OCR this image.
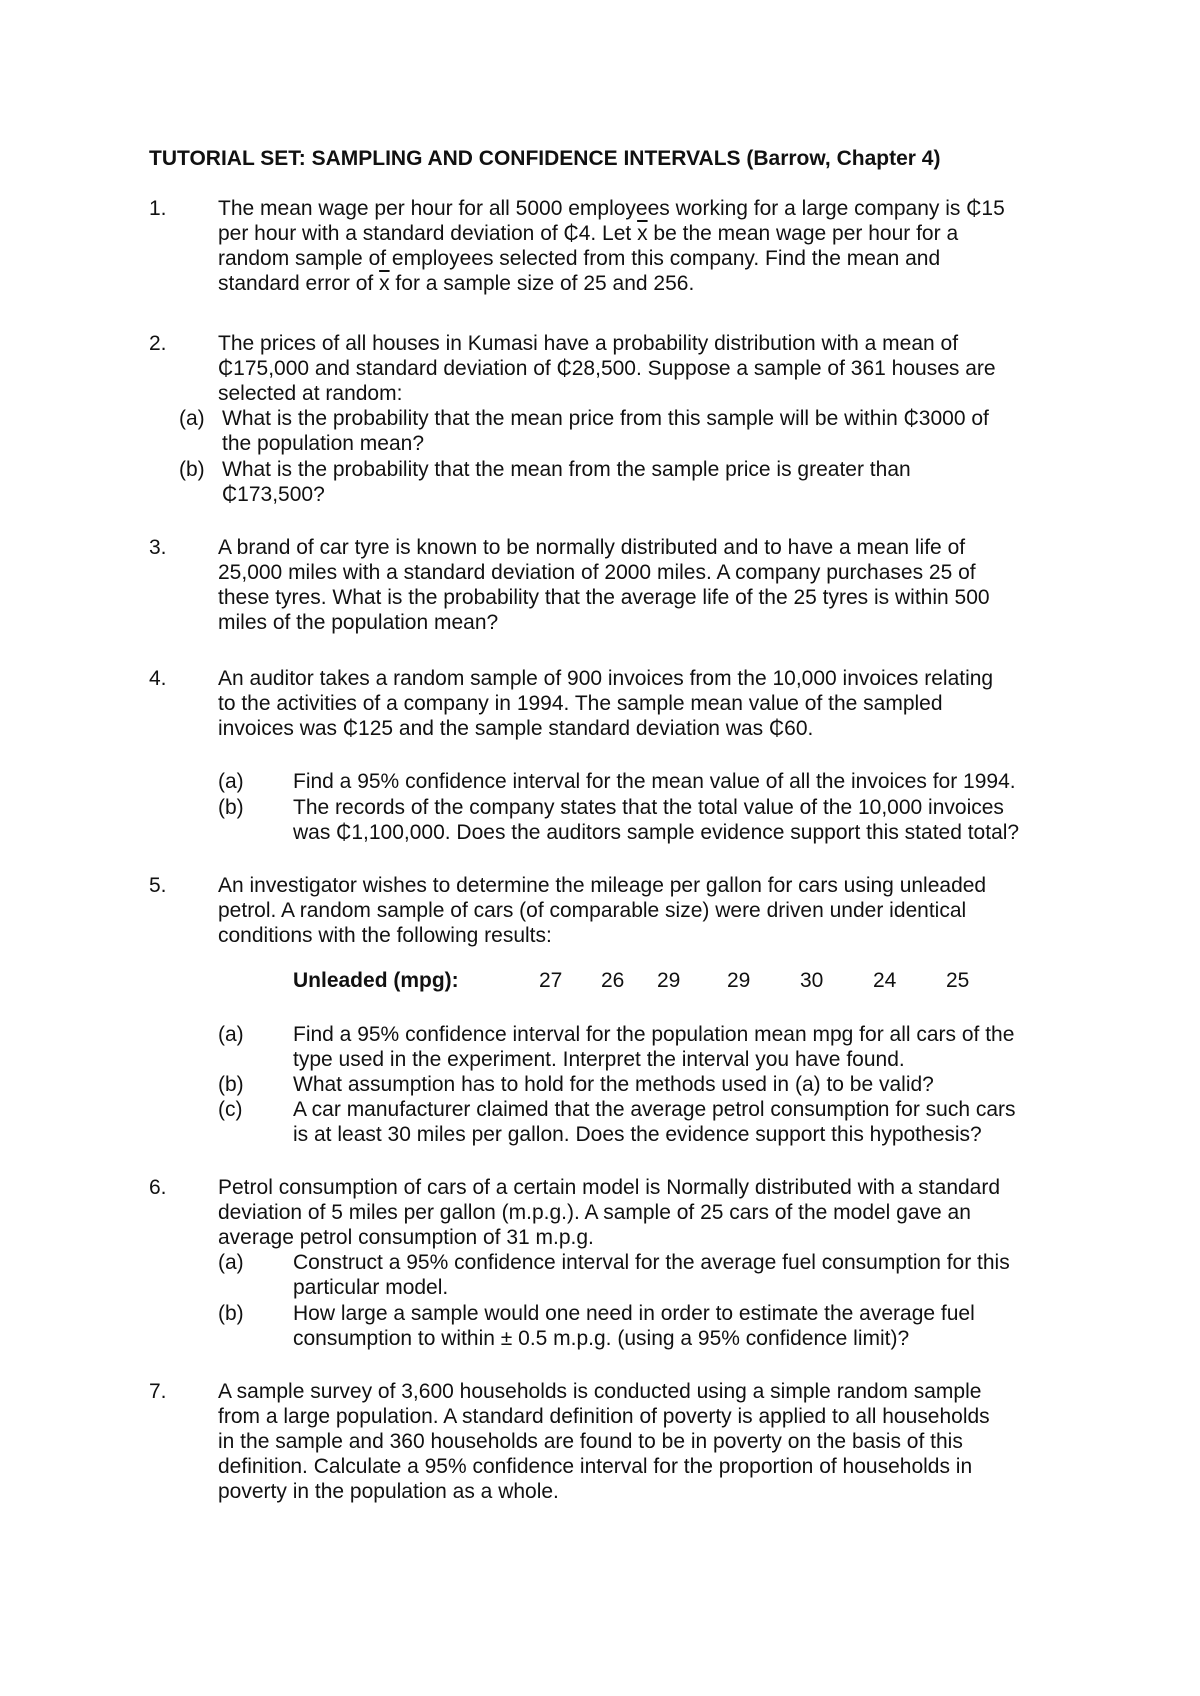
TUTORIAL SET: SAMPLING AND CONFIDENCE INTERVALS (Barrow, Chapter 4)
1. The mean wage per hour for all 5000 employees working for a large company is ₵15
per hour with a standard deviation of ₵4. Let $\overline{x}$ be the mean wage per hour for a
random sample of employees selected from this company. Find the mean and
standard error of $\overline{x}$ for a sample size of 25 and 256.
2. The prices of all houses in Kumasi have a probability distribution with a mean of
₵175,000 and standard deviation of ₵28,500. Suppose a sample of 361 houses are
selected at random:
(a) What is the probability that the mean price from this sample will be within ₵3000 of
the population mean?
(b) What is the probability that the mean from the sample price is greater than
₵173,500?
3. A brand of car tyre is known to be normally distributed and to have a mean life of
25,000 miles with a standard deviation of 2000 miles. A company purchases 25 of
these tyres. What is the probability that the average life of the 25 tyres is within 500
miles of the population mean?
4. An auditor takes a random sample of 900 invoices from the 10,000 invoices relating
to the activities of a company in 1994. The sample mean value of the sampled
invoices was ₵125 and the sample standard deviation was ₵60.
(a) Find a 95% confidence interval for the mean value of all the invoices for 1994.
(b) The records of the company states that the total value of the 10,000 invoices
was ₵1,100,000. Does the auditors sample evidence support this stated total?
5. An investigator wishes to determine the mileage per gallon for cars using unleaded
petrol. A random sample of cars (of comparable size) were driven under identical
conditions with the following results:
Unleaded (mpg):	27 26 29 29 30 24 25
(a) Find a 95% confidence interval for the population mean mpg for all cars of the
type used in the experiment. Interpret the interval you have found.
(b) What assumption has to hold for the methods used in (a) to be valid?
(c) A car manufacturer claimed that the average petrol consumption for such cars
is at least 30 miles per gallon. Does the evidence support this hypothesis?
6. Petrol consumption of cars of a certain model is Normally distributed with a standard
deviation of 5 miles per gallon (m.p.g.). A sample of 25 cars of the model gave an
average petrol consumption of 31 m.p.g.
(a) Construct a 95% confidence interval for the average fuel consumption for this
particular model.
(b) How large a sample would one need in order to estimate the average fuel
consumption to within ± 0.5 m.p.g. (using a 95% confidence limit)?
7. A sample survey of 3,600 households is conducted using a simple random sample
from a large population. A standard definition of poverty is applied to all households
in the sample and 360 households are found to be in poverty on the basis of this
definition. Calculate a 95% confidence interval for the proportion of households in
poverty in the population as a whole.
